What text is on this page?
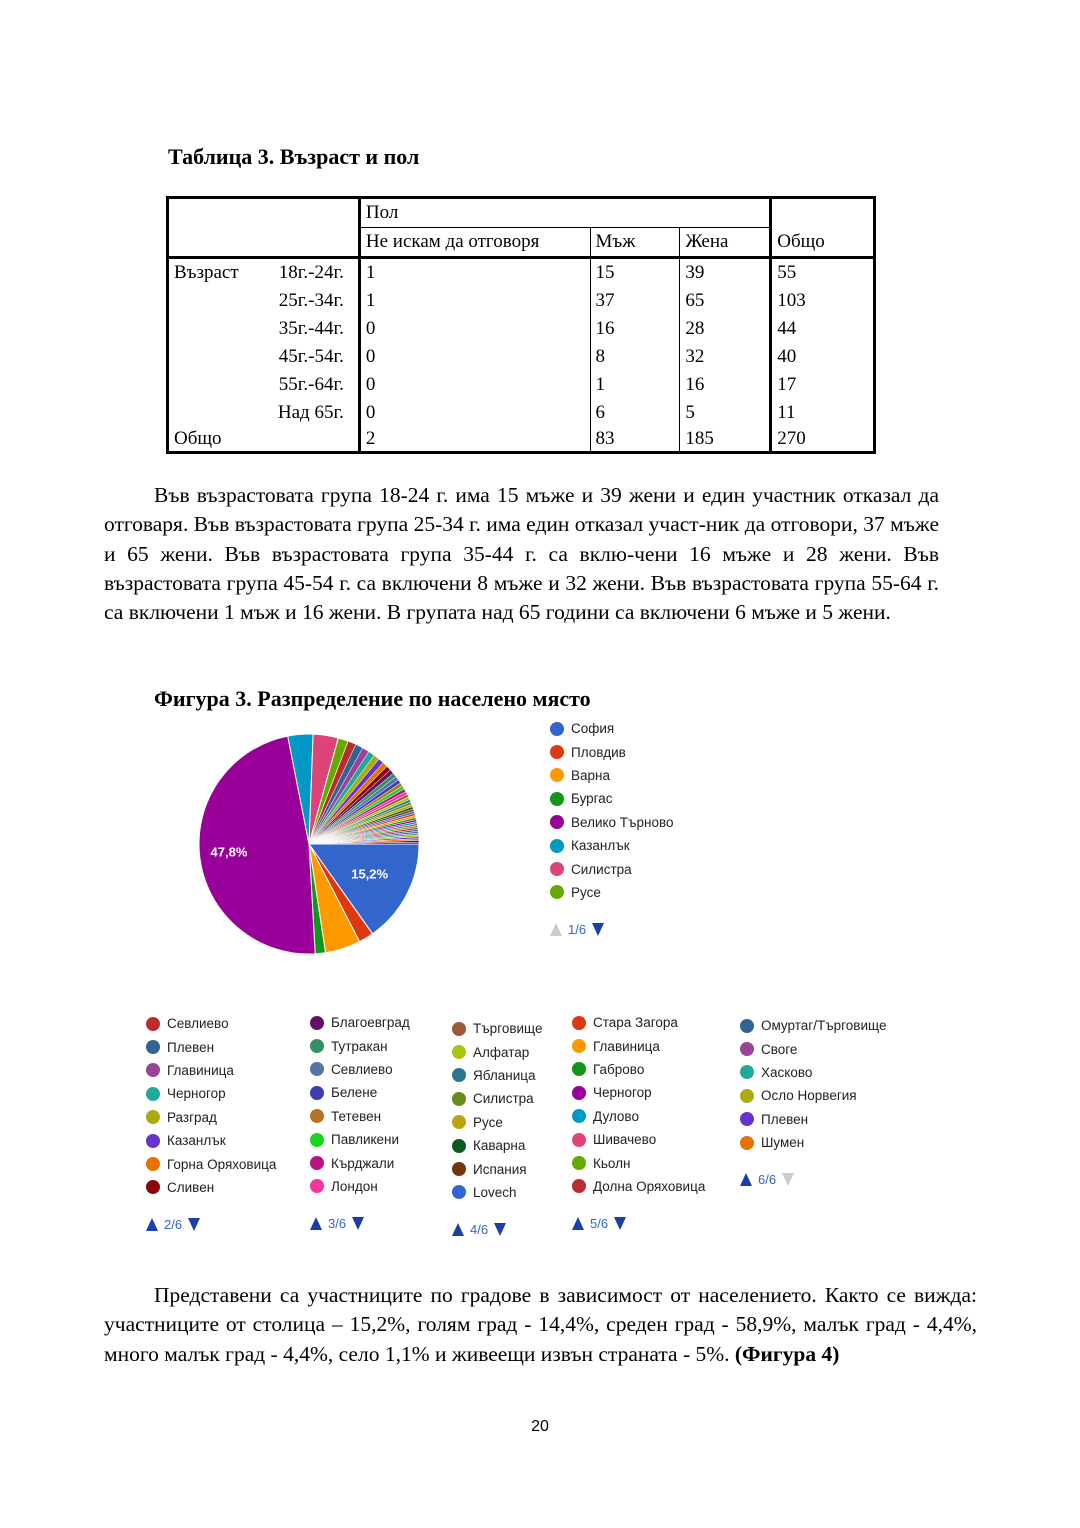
Таблица 3. Възраст и пол
	Пол			Общо
	Не искам да отговоря	Мъж	Жена	

Възраст 18г.-24г.	1	15	39	55
25г.-34г.	1	37	65	103
35г.-44г.	0	16	28	44
45г.-54г.	0	8	32	40
55г.-64г.	0	1	16	17
Над 65г.	0	6	5	11
Общо	2	83	185	270

Във възрастовата група 18-24 г. има 15 мъже и 39 жени и един участник отказал да отговаря. Във възрастовата група 25-34 г. има един отказал участ-ник да отговори, 37 мъже и 65 жени. Във възрастовата група 35-44 г. са вклю-чени 16 мъже и 28 жени. Във възрастовата група 45-54 г. са включени 8 мъже и 32 жени. Във възрастовата група 55-64 г. са включени 1 мъж и 16 жени. В групата над 65 години са включени 6 мъже и 5 жени.

Фигура 3. Разпределение по населено място
15,2%
47,8%
София
Пловдив
Варна
Бургас
Велико Търново
Казанлък
Силистра
Русе
1/6
Севлиево
Плевен
Главиница
Черногор
Разград
Казанлък
Горна Оряховица
Сливен
2/6
Благоевград
Тутракан
Севлиево
Белене
Тетевен
Павликени
Кърджали
Лондон
3/6
Търговище
Алфатар
Ябланица
Силистра
Русе
Каварна
Испания
Lovech
4/6
Стара Загора
Главиница
Габрово
Черногор
Дулово
Шивачево
Кьолн
Долна Оряховица
5/6
Омуртаг/Търговище
Своге
Хасково
Осло Норвегия
Плевен
Шумен
6/6

Представени са участниците по градове в зависимост от населението. Както се вижда: участниците от столица – 15,2%, голям град - 14,4%, среден град - 58,9%, малък град - 4,4%, много малък град - 4,4%, село 1,1% и живеещи извън страната - 5%. (Фигура 4)

20
